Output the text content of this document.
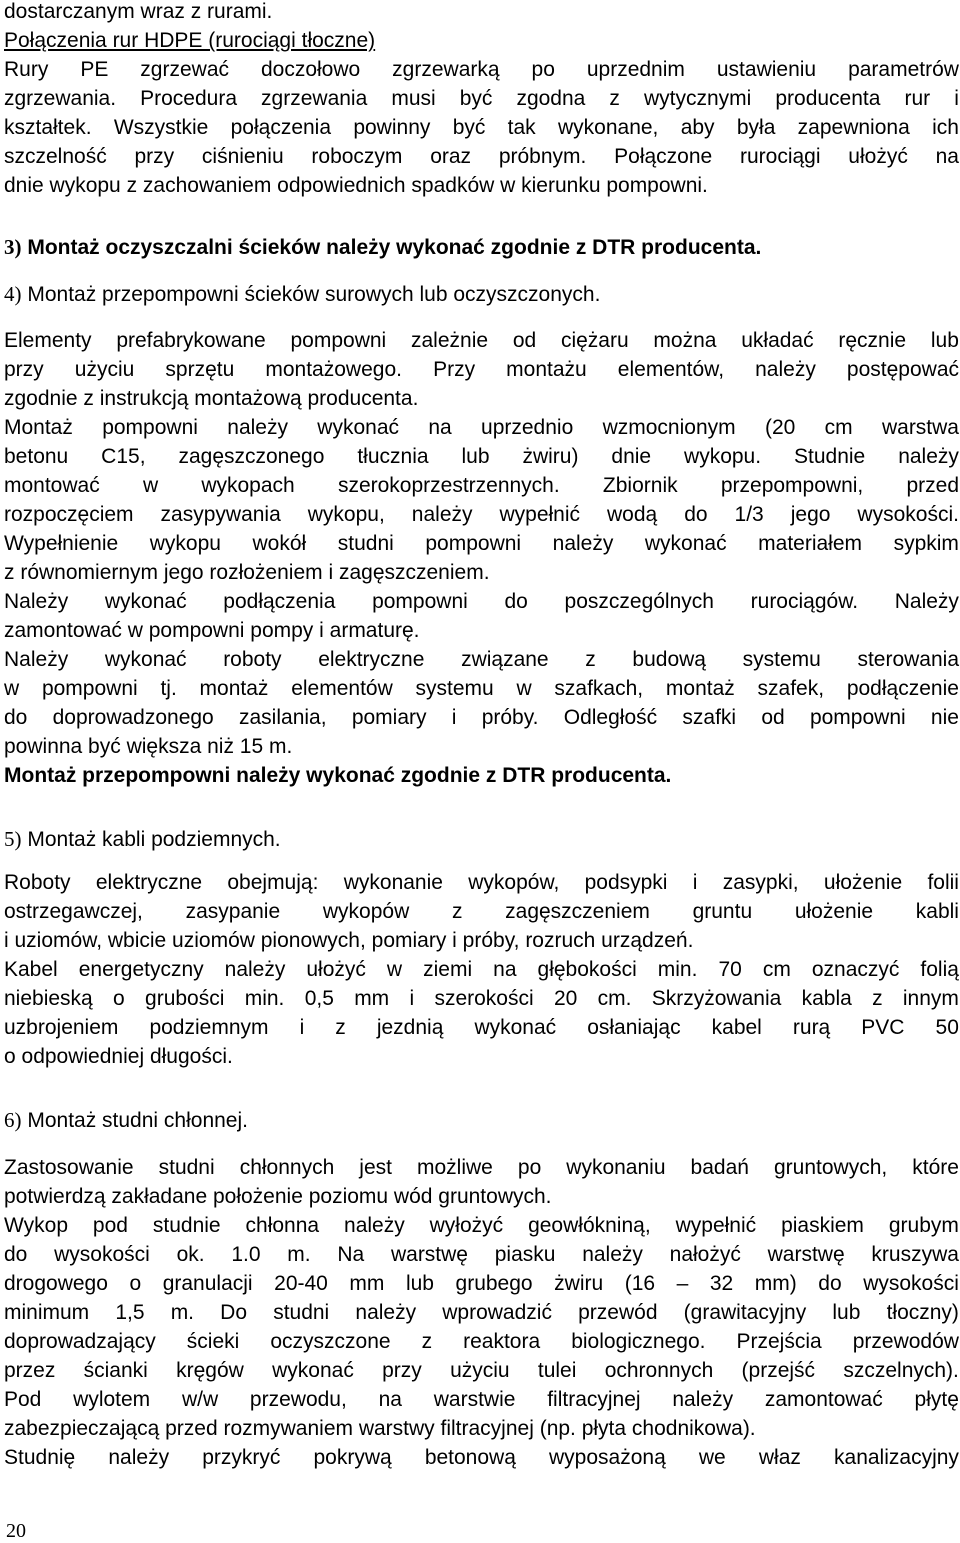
dostarczanym wraz z rurami.
Połączenia rur HDPE (rurociągi tłoczne)
Rury PE zgrzewać doczołowo zgrzewarką po uprzednim ustawieniu parametrów
zgrzewania. Procedura zgrzewania musi być zgodna z wytycznymi producenta rur i
kształtek. Wszystkie połączenia powinny być tak wykonane, aby była zapewniona ich
szczelność przy ciśnieniu roboczym oraz próbnym. Połączone rurociągi ułożyć na
dnie wykopu z zachowaniem odpowiednich spadków w kierunku pompowni.
3) Montaż oczyszczalni ścieków należy wykonać zgodnie z DTR producenta.
4) Montaż przepompowni ścieków surowych lub oczyszczonych.
Elementy prefabrykowane pompowni zależnie od ciężaru można układać ręcznie lub
przy użyciu sprzętu montażowego. Przy montażu elementów, należy postępować
zgodnie z instrukcją montażową producenta.
Montaż pompowni należy wykonać na uprzednio wzmocnionym (20 cm warstwa
betonu C15, zagęszczonego tłucznia lub żwiru) dnie wykopu. Studnie należy
montować w wykopach szerokoprzestrzennych. Zbiornik przepompowni, przed
rozpoczęciem zasypywania wykopu, należy wypełnić wodą do 1/3 jego wysokości.
Wypełnienie wykopu wokół studni pompowni należy wykonać materiałem sypkim
z równomiernym jego rozłożeniem i zagęszczeniem.
Należy wykonać podłączenia pompowni do poszczególnych rurociągów. Należy
zamontować w pompowni pompy i armaturę.
Należy wykonać roboty elektryczne związane z budową systemu sterowania
w pompowni tj. montaż elementów systemu w szafkach, montaż szafek, podłączenie
do doprowadzonego zasilania, pomiary i próby. Odległość szafki od pompowni nie
powinna być większa niż 15 m.
Montaż przepompowni należy wykonać zgodnie z DTR producenta.
5) Montaż kabli podziemnych.
Roboty elektryczne obejmują: wykonanie wykopów, podsypki i zasypki, ułożenie folii
ostrzegawczej, zasypanie wykopów z zagęszczeniem gruntu ułożenie kabli
i uziomów, wbicie uziomów pionowych, pomiary i próby, rozruch urządzeń.
Kabel energetyczny należy ułożyć w ziemi na głębokości min. 70 cm oznaczyć folią
niebieską o grubości min. 0,5 mm i szerokości 20 cm. Skrzyżowania kabla z innym
uzbrojeniem podziemnym i z jezdnią wykonać osłaniając kabel rurą PVC 50
o odpowiedniej długości.
6) Montaż studni chłonnej.
Zastosowanie studni chłonnych jest możliwe po wykonaniu badań gruntowych, które
potwierdzą zakładane położenie poziomu wód gruntowych.
Wykop pod studnie chłonna należy wyłożyć geowłókniną, wypełnić piaskiem grubym
do wysokości ok. 1.0 m. Na warstwę piasku należy nałożyć warstwę kruszywa
drogowego o granulacji 20-40 mm lub grubego żwiru (16 – 32 mm) do wysokości
minimum 1,5 m. Do studni należy wprowadzić przewód (grawitacyjny lub tłoczny)
doprowadzający ścieki oczyszczone z reaktora biologicznego. Przejścia przewodów
przez ścianki kręgów wykonać przy użyciu tulei ochronnych (przejść szczelnych).
Pod wylotem w/w przewodu, na warstwie filtracyjnej należy zamontować płytę
zabezpieczającą przed rozmywaniem warstwy filtracyjnej (np. płyta chodnikowa).
Studnię należy przykryć pokrywą betonową wyposażoną we właz kanalizacyjny
20
